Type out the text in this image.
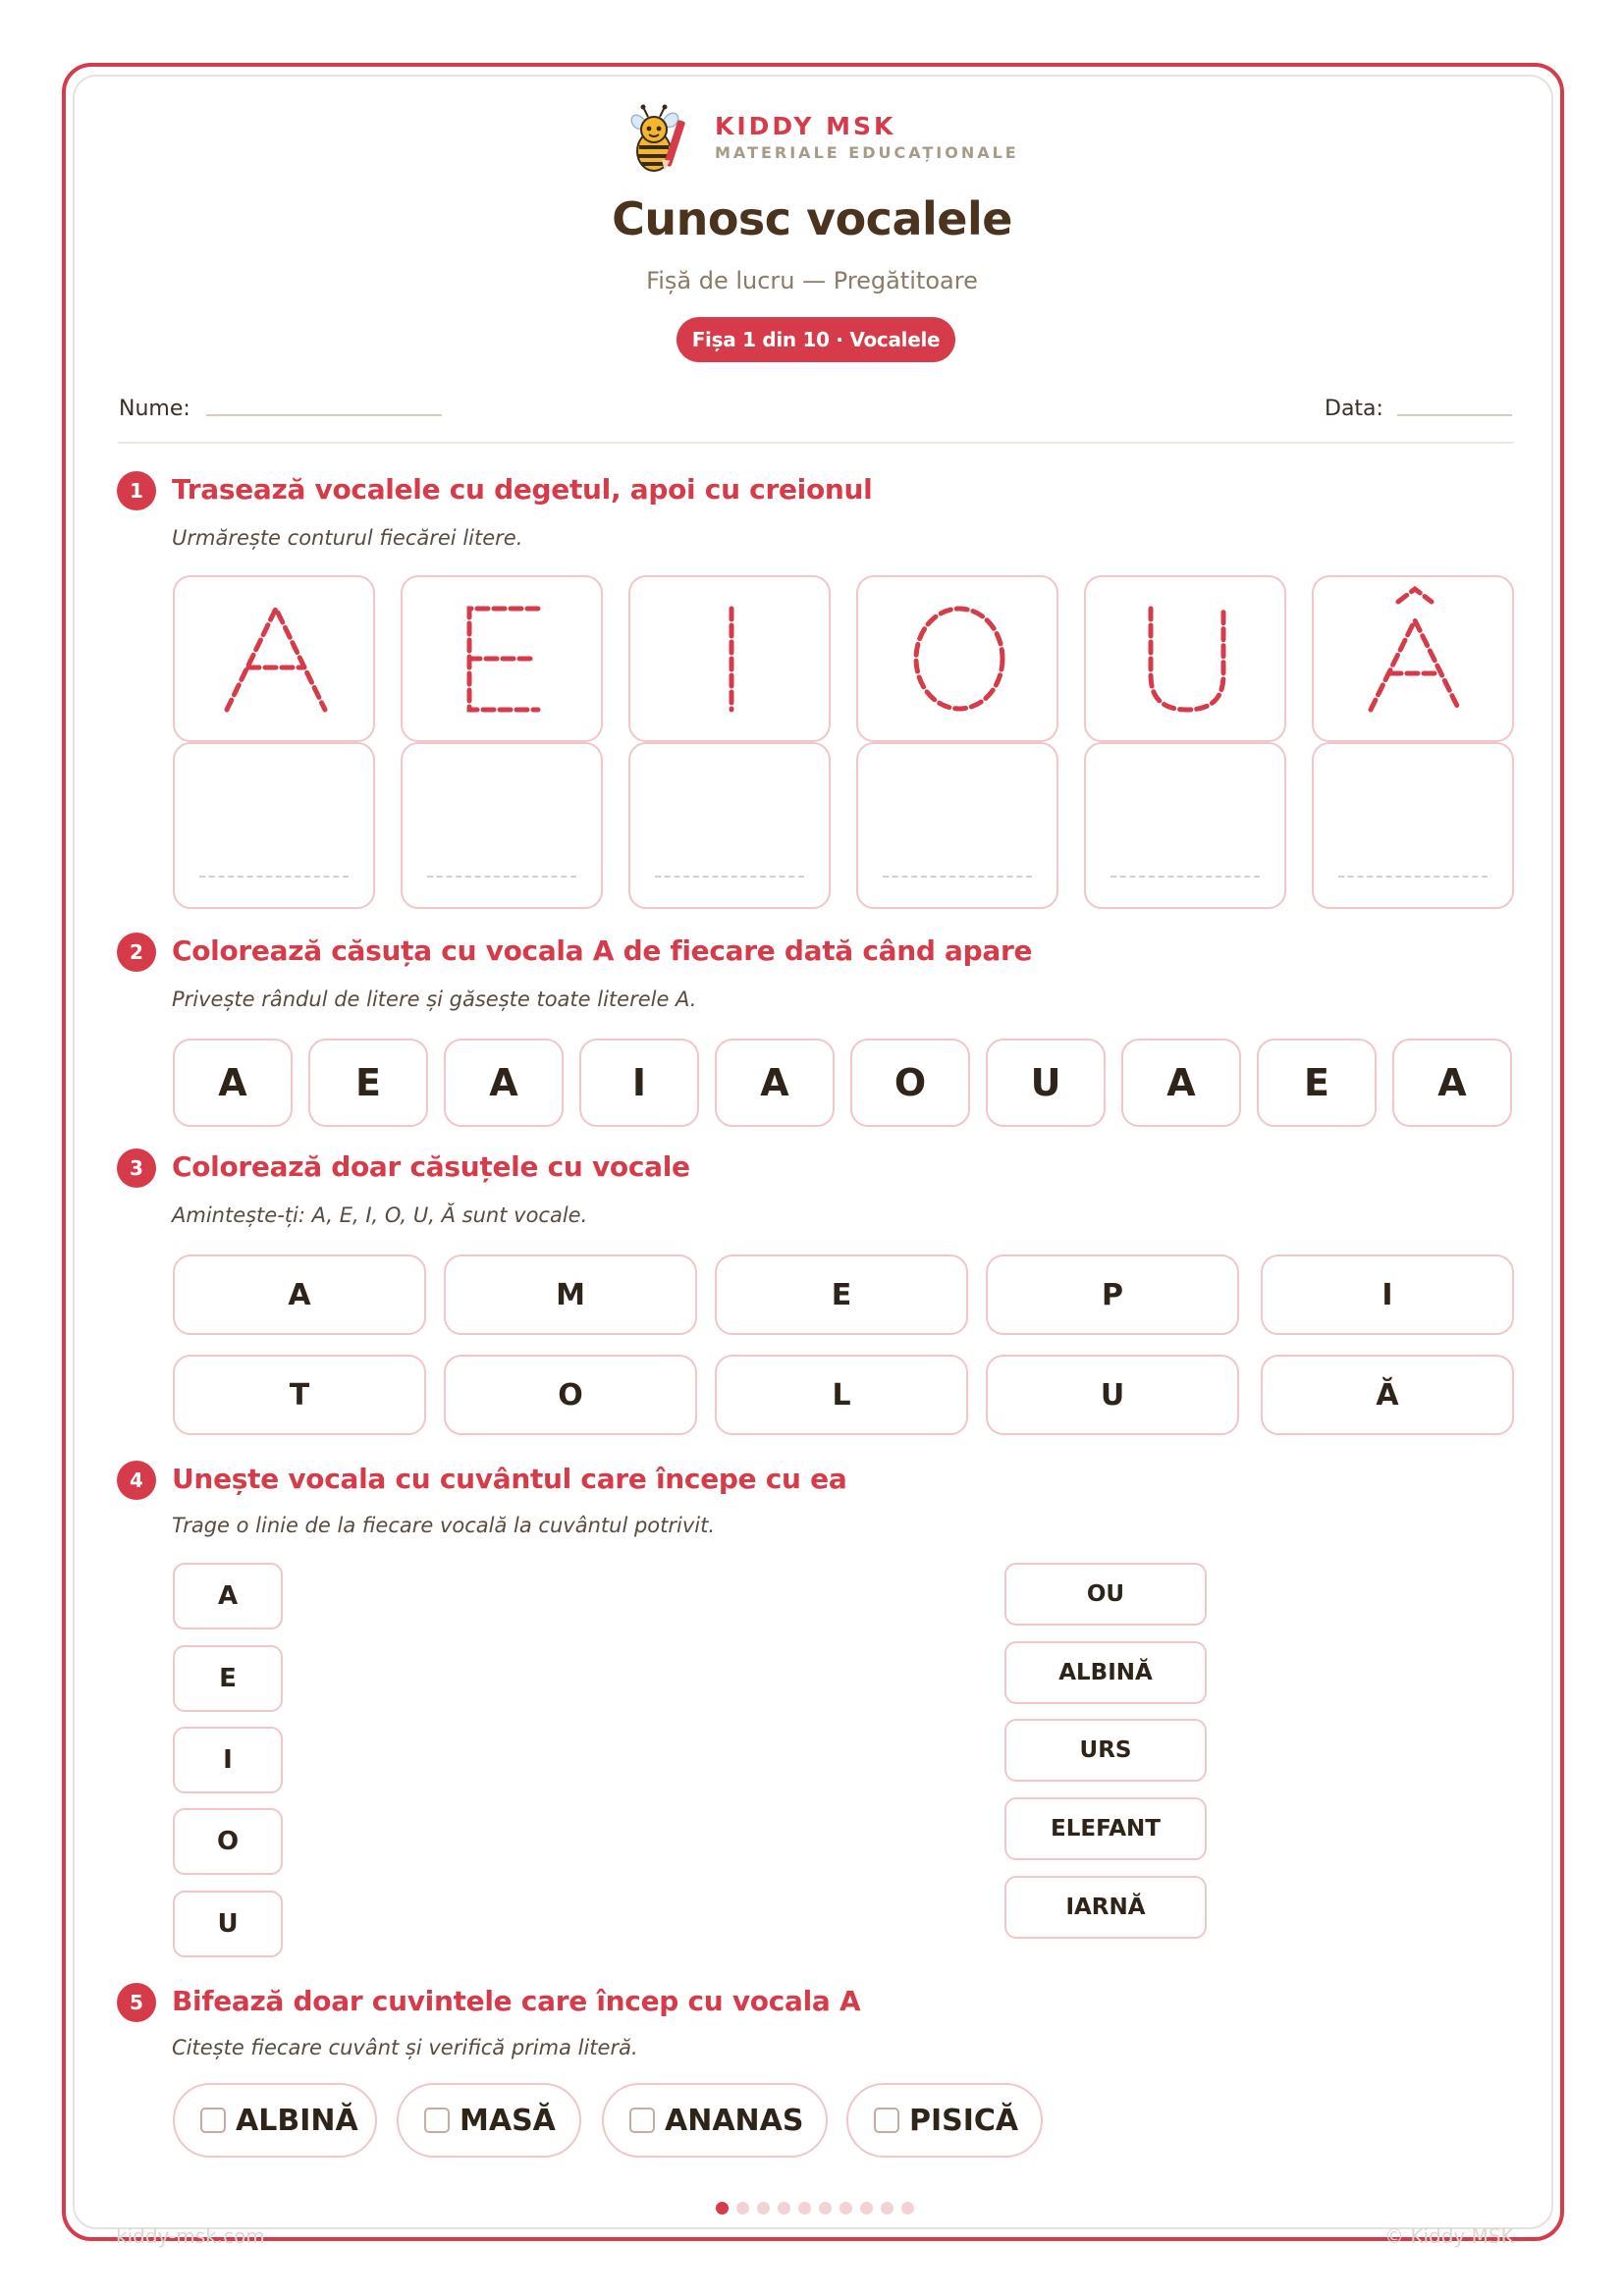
KIDDY MSK
MATERIALE EDUCAȚIONALE
Cunosc vocalele
Fișă de lucru — Pregătitoare
Fișa 1 din 10 · Vocalele
Nume:	Data:
1	Trasează vocalele cu degetul, apoi cu creionul
Urmărește conturul fiecărei litere.
2	Colorează căsuța cu vocala A de fiecare dată când apare
Privește rândul de litere și găsește toate literele A.
A	E	A	I	A	O	U	A	E	A
3	Colorează doar căsuțele cu vocale
Amintește-ți: A, E, I, O, U, Ă sunt vocale.
A	M	E	P	I
T	O	L	U	Ă
4	Unește vocala cu cuvântul care începe cu ea
Trage o linie de la fiecare vocală la cuvântul potrivit.
A
E
I
O
U
OU
ALBINĂ
URS
ELEFANT
IARNĂ
5	Bifează doar cuvintele care încep cu vocala A
Citește fiecare cuvânt și verifică prima literă.
ALBINĂ	MASĂ	ANANAS	PISICĂ
kiddy-msk.com	© Kiddy MSK
